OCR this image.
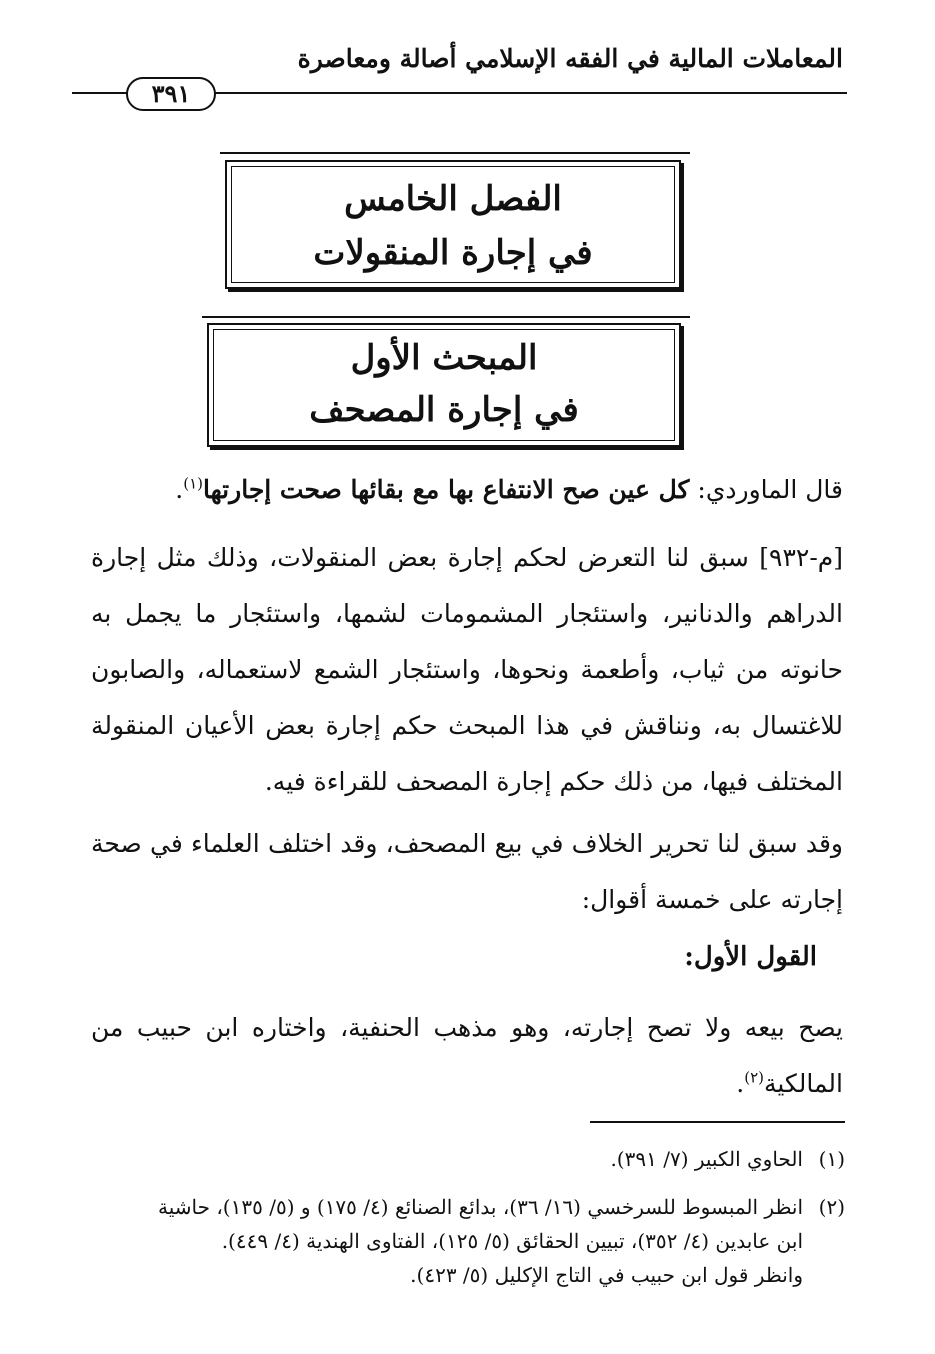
المعاملات المالية في الفقه الإسلامي أصالة ومعاصرة
٣٩١
الفصل الخامس
في إجارة المنقولات
المبحث الأول
في إجارة المصحف
قال الماوردي: كل عين صح الانتفاع بها مع بقائها صحت إجارتها$^{(١)}$.
[م-٩٣٢] سبق لنا التعرض لحكم إجارة بعض المنقولات، وذلك مثل إجارة الدراهم والدنانير، واستئجار المشمومات لشمها، واستئجار ما يجمل به حانوته من ثياب، وأطعمة ونحوها، واستئجار الشمع لاستعماله، والصابون للاغتسال به، ونناقش في هذا المبحث حكم إجارة بعض الأعيان المنقولة المختلف فيها، من ذلك حكم إجارة المصحف للقراءة فيه.
وقد سبق لنا تحرير الخلاف في بيع المصحف، وقد اختلف العلماء في صحة إجارته على خمسة أقوال:
القول الأول:
يصح بيعه ولا تصح إجارته، وهو مذهب الحنفية، واختاره ابن حبيب من المالكية$^{(٢)}$.
(١)الحاوي الكبير (٧/ ٣٩١).
(٢)انظر المبسوط للسرخسي (١٦/ ٣٦)، بدائع الصنائع (٤/ ١٧٥) و (٥/ ١٣٥)، حاشية
ابن عابدين (٤/ ٣٥٢)، تبيين الحقائق (٥/ ١٢٥)، الفتاوى الهندية (٤/ ٤٤٩).
وانظر قول ابن حبيب في التاج الإكليل (٥/ ٤٢٣).
